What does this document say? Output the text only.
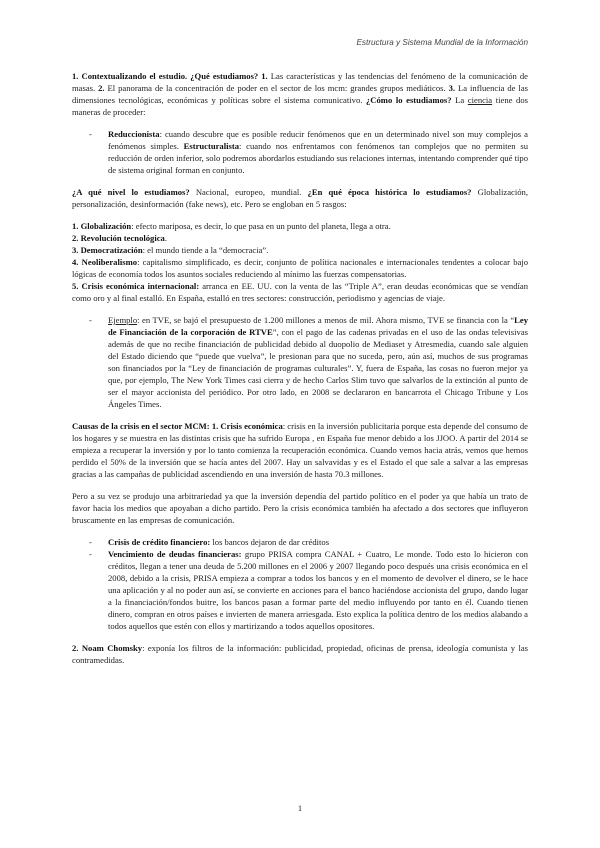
Estructura y Sistema Mundial de la Información

1. Contextualizando el estudio. ¿Qué estudiamos? 1. Las características y las tendencias del fenómeno de la comunicación de masas. 2. El panorama de la concentración de poder en el sector de los mcm: grandes grupos mediáticos. 3. La influencia de las dimensiones tecnológicas, económicas y políticas sobre el sistema comunicativo. ¿Cómo lo estudiamos? La ciencia tiene dos maneras de proceder:

- Reduccionista: cuando descubre que es posible reducir fenómenos que en un determinado nivel son muy complejos a fenómenos simples. Estructuralista: cuando nos enfrentamos con fenómenos tan complejos que no permiten su reducción de orden inferior, solo podremos abordarlos estudiando sus relaciones internas, intentando comprender qué tipo de sistema original forman en conjunto.

¿A qué nivel lo estudiamos? Nacional, europeo, mundial. ¿En qué época histórica lo estudiamos? Globalización, personalización, desinformación (fake news), etc. Pero se engloban en 5 rasgos:

1. Globalización: efecto mariposa, es decir, lo que pasa en un punto del planeta, llega a otra.
2. Revolución tecnológica.
3. Democratización: el mundo tiende a la “democracia”.
4. Neoliberalismo: capitalismo simplificado, es decir, conjunto de política nacionales e internacionales tendentes a colocar bajo lógicas de economía todos los asuntos sociales reduciendo al mínimo las fuerzas compensatorias.
5. Crisis económica internacional: arranca en EE. UU. con la venta de las “Triple A”, eran deudas económicas que se vendían como oro y al final estalló. En España, estalló en tres sectores: construcción, periodismo y agencias de viaje.

- Ejemplo: en TVE, se bajó el presupuesto de 1.200 millones a menos de mil. Ahora mismo, TVE se financia con la “Ley de Financiación de la corporación de RTVE”, con el pago de las cadenas privadas en el uso de las ondas televisivas además de que no recibe financiación de publicidad debido al duopolio de Mediaset y Atresmedia, cuando sale alguien del Estado diciendo que “puede que vuelva”, le presionan para que no suceda, pero, aún así, muchos de sus programas son financiados por la “Ley de financiación de programas culturales”. Y, fuera de España, las cosas no fueron mejor ya que, por ejemplo, The New York Times casi cierra y de hecho Carlos Slim tuvo que salvarlos de la extinción al punto de ser el mayor accionista del periódico. Por otro lado, en 2008 se declararon en bancarrota el Chicago Tribune y Los Ángeles Times.

Causas de la crisis en el sector MCM: 1. Crisis económica: crisis en la inversión publicitaria porque esta depende del consumo de los hogares y se muestra en las distintas crisis que ha sufrido Europa , en España fue menor debido a los JJOO. A partir del 2014 se empieza a recuperar la inversión y por lo tanto comienza la recuperación económica. Cuando vemos hacia atrás, vemos que hemos perdido el 50% de la inversión que se hacía antes del 2007. Hay un salvavidas y es el Estado el que sale a salvar a las empresas gracias a las campañas de publicidad ascendiendo en una inversión de hasta 70.3 millones.

Pero a su vez se produjo una arbitrariedad ya que la inversión dependía del partido político en el poder ya que había un trato de favor hacia los medios que apoyaban a dicho partido. Pero la crisis económica también ha afectado a dos sectores que influyeron bruscamente en las empresas de comunicación.

- Crisis de crédito financiero: los bancos dejaron de dar créditos
- Vencimiento de deudas financieras: grupo PRISA compra CANAL + Cuatro, Le monde. Todo esto lo hicieron con créditos, llegan a tener una deuda de 5.200 millones en el 2006 y 2007 llegando poco después una crisis económica en el 2008, debido a la crisis, PRISA empieza a comprar a todos los bancos y en el momento de devolver el dinero, se le hace una aplicación y al no poder aun así, se convierte en acciones para el banco haciéndose accionista del grupo, dando lugar a la financiación/fondos buitre, los bancos pasan a formar parte del medio influyendo por tanto en él. Cuando tienen dinero, compran en otros países e invierten de manera arriesgada. Esto explica la política dentro de los medios alabando a todos aquellos que estén con ellos y martirizando a todos aquellos opositores.

2. Noam Chomsky: exponía los filtros de la información: publicidad, propiedad, oficinas de prensa, ideología comunista y las contramedidas.

1
